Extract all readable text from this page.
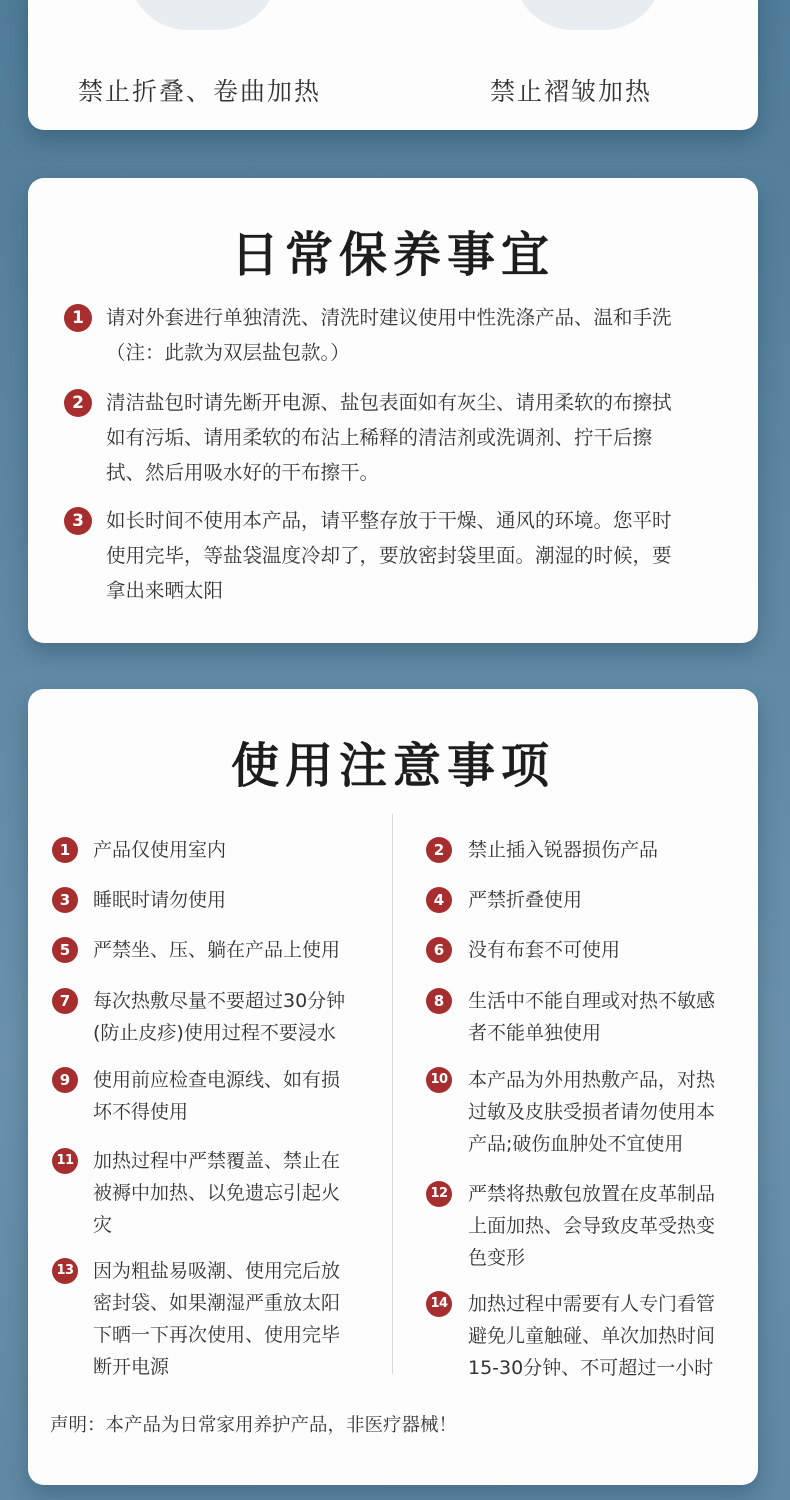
禁止折叠、卷曲加热	禁止褶皱加热
日常保养事宜
1	请对外套进行单独清洗、清洗时建议使用中性洗涤产品、温和手洗
（注：此款为双层盐包款。）
2	清洁盐包时请先断开电源、盐包表面如有灰尘、请用柔软的布擦拭
如有污垢、请用柔软的布沾上稀释的清洁剂或洗调剂、拧干后擦
拭、然后用吸水好的干布擦干。
3	如长时间不使用本产品，请平整存放于干燥、通风的环境。您平时
使用完毕，等盐袋温度冷却了，要放密封袋里面。潮湿的时候，要
拿出来晒太阳
使用注意事项
1	产品仅使用室内
3	睡眠时请勿使用
5	严禁坐、压、躺在产品上使用
7	每次热敷尽量不要超过30分钟
(防止皮疹)使用过程不要浸水
9	使用前应检查电源线、如有损
坏不得使用
11 加热过程中严禁覆盖、禁止在
被褥中加热、以免遗忘引起火
灾
13 因为粗盐易吸潮、使用完后放
密封袋、如果潮湿严重放太阳
下晒一下再次使用、使用完毕
断开电源
2	禁止插入锐器损伤产品
4	严禁折叠使用
6	没有布套不可使用
8	生活中不能自理或对热不敏感
者不能单独使用
10 本产品为外用热敷产品，对热
过敏及皮肤受损者请勿使用本
产品;破伤血肿处不宜使用
12 严禁将热敷包放置在皮革制品
上面加热、会导致皮革受热变
色变形
14 加热过程中需要有人专门看管
避免儿童触碰、单次加热时间
15-30分钟、不可超过一小时
声明：本产品为日常家用养护产品，非医疗器械！
